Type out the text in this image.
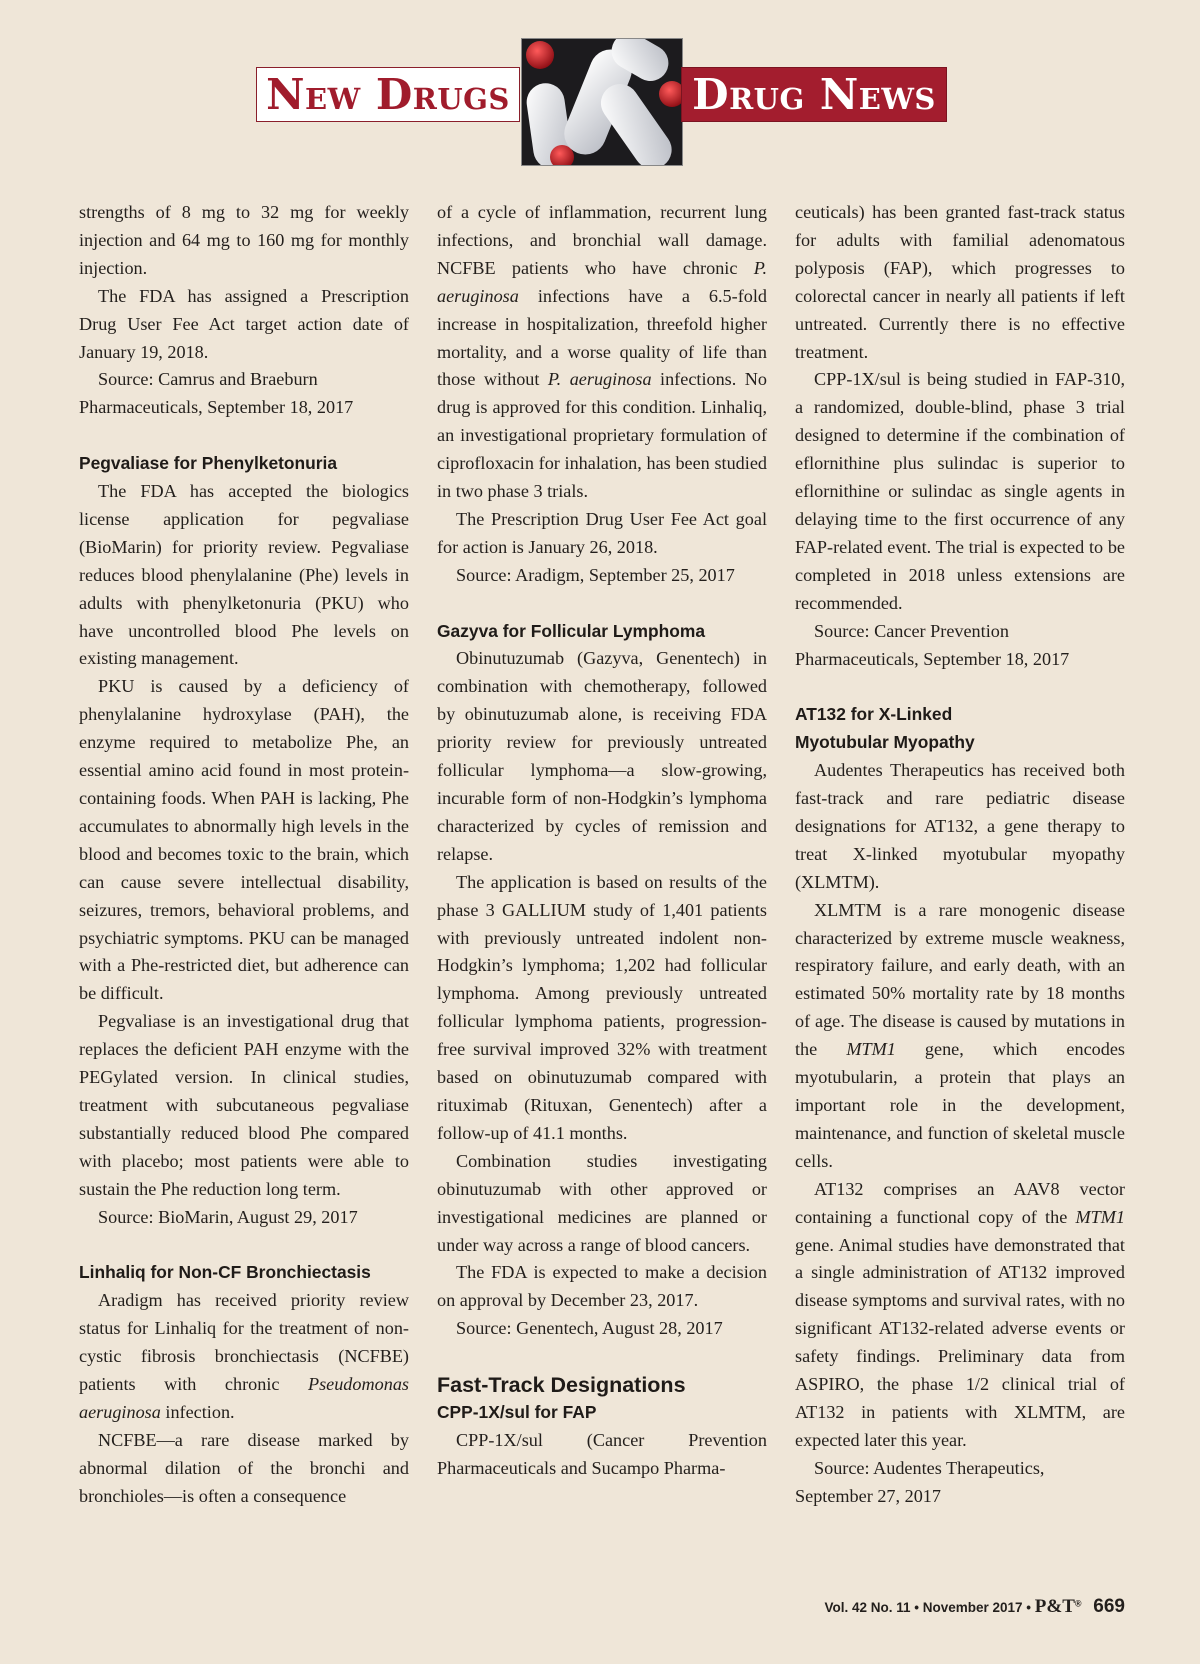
New Drugs	Drug News

strengths of 8 mg to 32 mg for weekly injection and 64 mg to 160 mg for monthly injection.

The FDA has assigned a Prescription Drug User Fee Act target action date of January 19, 2018.

Source: Camrus and Braeburn Pharmaceuticals, September 18, 2017

Pegvaliase for Phenylketonuria

The FDA has accepted the biologics license application for pegvaliase (BioMarin) for priority review. Pegvaliase reduces blood phenylalanine (Phe) levels in adults with phenylketonuria (PKU) who have uncontrolled blood Phe levels on existing management.

PKU is caused by a deficiency of phenylalanine hydroxylase (PAH), the enzyme required to metabolize Phe, an essential amino acid found in most protein-containing foods. When PAH is lacking, Phe accumulates to abnormally high levels in the blood and becomes toxic to the brain, which can cause severe intellectual disability, seizures, tremors, behavioral problems, and psychiatric symptoms. PKU can be managed with a Phe-restricted diet, but adherence can be difficult.

Pegvaliase is an investigational drug that replaces the deficient PAH enzyme with the PEGylated version. In clinical studies, treatment with subcutaneous pegvaliase substantially reduced blood Phe compared with placebo; most patients were able to sustain the Phe reduction long term.

Source: BioMarin, August 29, 2017

Linhaliq for Non-CF Bronchiectasis

Aradigm has received priority review status for Linhaliq for the treatment of non-cystic fibrosis bronchiectasis (NCFBE) patients with chronic Pseudomonas aeruginosa infection.

NCFBE—a rare disease marked by abnormal dilation of the bronchi and bronchioles—is often a consequence

of a cycle of inflammation, recurrent lung infections, and bronchial wall damage. NCFBE patients who have chronic P. aeruginosa infections have a 6.5-fold increase in hospitalization, threefold higher mortality, and a worse quality of life than those without P. aeruginosa infections. No drug is approved for this condition. Linhaliq, an investigational proprietary formulation of ciprofloxacin for inhalation, has been studied in two phase 3 trials.

The Prescription Drug User Fee Act goal for action is January 26, 2018.

Source: Aradigm, September 25, 2017

Gazyva for Follicular Lymphoma

Obinutuzumab (Gazyva, Genentech) in combination with chemotherapy, followed by obinutuzumab alone, is receiving FDA priority review for previously untreated follicular lymphoma—a slow-growing, incurable form of non-Hodgkin’s lymphoma characterized by cycles of remission and relapse.

The application is based on results of the phase 3 GALLIUM study of 1,401 patients with previously untreated indolent non-Hodgkin’s lymphoma; 1,202 had follicular lymphoma. Among previously untreated follicular lymphoma patients, progression-free survival improved 32% with treatment based on obinutuzumab compared with rituximab (Rituxan, Genentech) after a follow-up of 41.1 months.

Combination studies investigating obinutuzumab with other approved or investigational medicines are planned or under way across a range of blood cancers.

The FDA is expected to make a decision on approval by December 23, 2017.

Source: Genentech, August 28, 2017

Fast-Track Designations

CPP-1X/sul for FAP

CPP-1X/sul (Cancer Prevention Pharmaceuticals and Sucampo Pharma-

ceuticals) has been granted fast-track status for adults with familial adenomatous polyposis (FAP), which progresses to colorectal cancer in nearly all patients if left untreated. Currently there is no effective treatment.

CPP-1X/sul is being studied in FAP-310, a randomized, double-blind, phase 3 trial designed to determine if the combination of eflornithine plus sulindac is superior to eflornithine or sulindac as single agents in delaying time to the first occurrence of any FAP-related event. The trial is expected to be completed in 2018 unless extensions are recommended.

Source: Cancer Prevention Pharmaceuticals, September 18, 2017

AT132 for X-Linked

Myotubular Myopathy

Audentes Therapeutics has received both fast-track and rare pediatric disease designations for AT132, a gene therapy to treat X-linked myotubular myopathy (XLMTM).

XLMTM is a rare monogenic disease characterized by extreme muscle weakness, respiratory failure, and early death, with an estimated 50% mortality rate by 18 months of age. The disease is caused by mutations in the MTM1 gene, which encodes myotubularin, a protein that plays an important role in the development, maintenance, and function of skeletal muscle cells.

AT132 comprises an AAV8 vector containing a functional copy of the MTM1 gene. Animal studies have demonstrated that a single administration of AT132 improved disease symptoms and survival rates, with no significant AT132-related adverse events or safety findings. Preliminary data from ASPIRO, the phase 1/2 clinical trial of AT132 in patients with XLMTM, are expected later this year.

Source: Audentes Therapeutics, September 27, 2017

Vol. 42 No. 11 • November 2017 • P&T® 669
